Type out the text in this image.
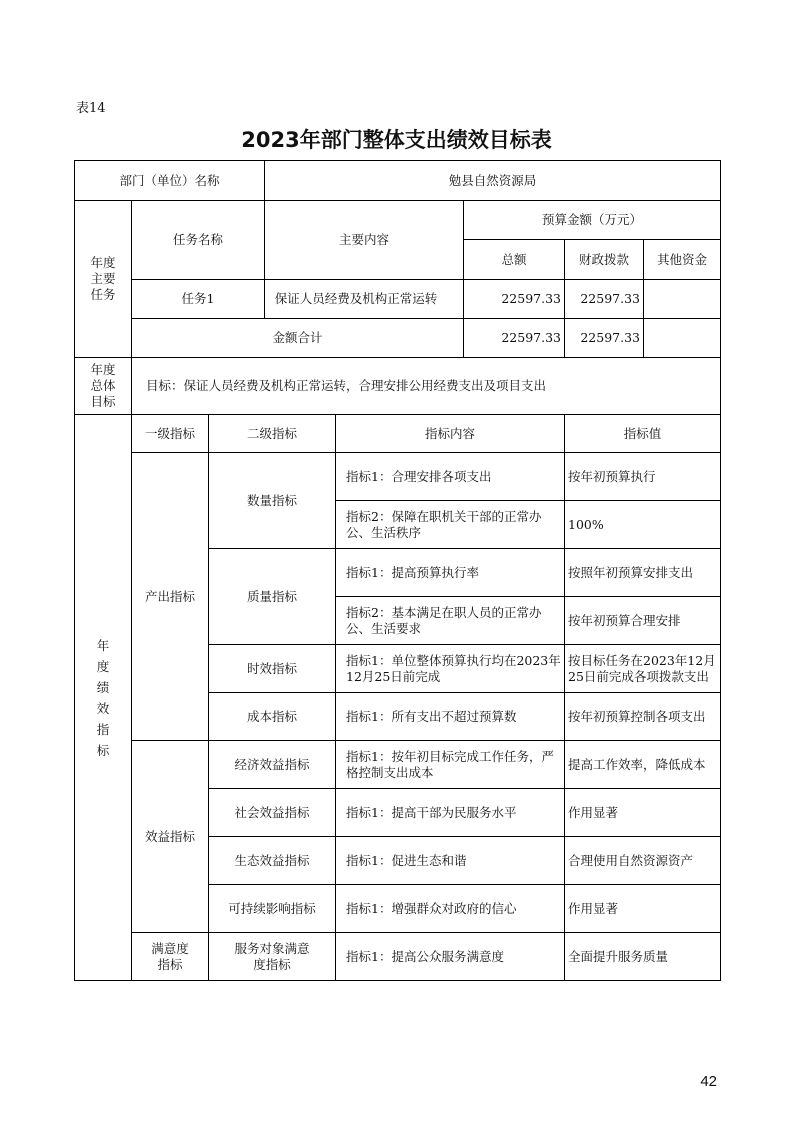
表14
2023年部门整体支出绩效目标表
部门（单位）名称			勉县自然资源局				
年度主要任务	任务名称		主要内容		预算金额（万元）		
					总额	财政拨款	其他资金
	任务1		保证人员经费及机构正常运转		22597.33	22597.33	
	金额合计				22597.33	22597.33	
年度总体目标	目标：保证人员经费及机构正常运转，合理安排公用经费支出及项目支出						
年度绩效指标	一级指标	二级指标		指标内容		指标值	
	产出指标	数量指标		指标1：合理安排各项支出		按年初预算执行	
				指标2：保障在职机关干部的正常办公、生活秩序		100%	
		质量指标		指标1：提高预算执行率		按照年初预算安排支出	
				指标2：基本满足在职人员的正常办公、生活要求		按年初预算合理安排	
		时效指标		指标1：单位整体预算执行均在2023年12月25日前完成		按目标任务在2023年12月25日前完成各项拨款支出	
		成本指标		指标1：所有支出不超过预算数		按年初预算控制各项支出	
	效益指标	经济效益指标		指标1：按年初目标完成工作任务，严格控制支出成本		提高工作效率，降低成本	
		社会效益指标		指标1：提高干部为民服务水平		作用显著	
		生态效益指标		指标1：促进生态和谐		合理使用自然资源资产	
		可持续影响指标		指标1：增强群众对政府的信心		作用显著	
	满意度指标	服务对象满意度指标		指标1：提高公众服务满意度		全面提升服务质量	
42
